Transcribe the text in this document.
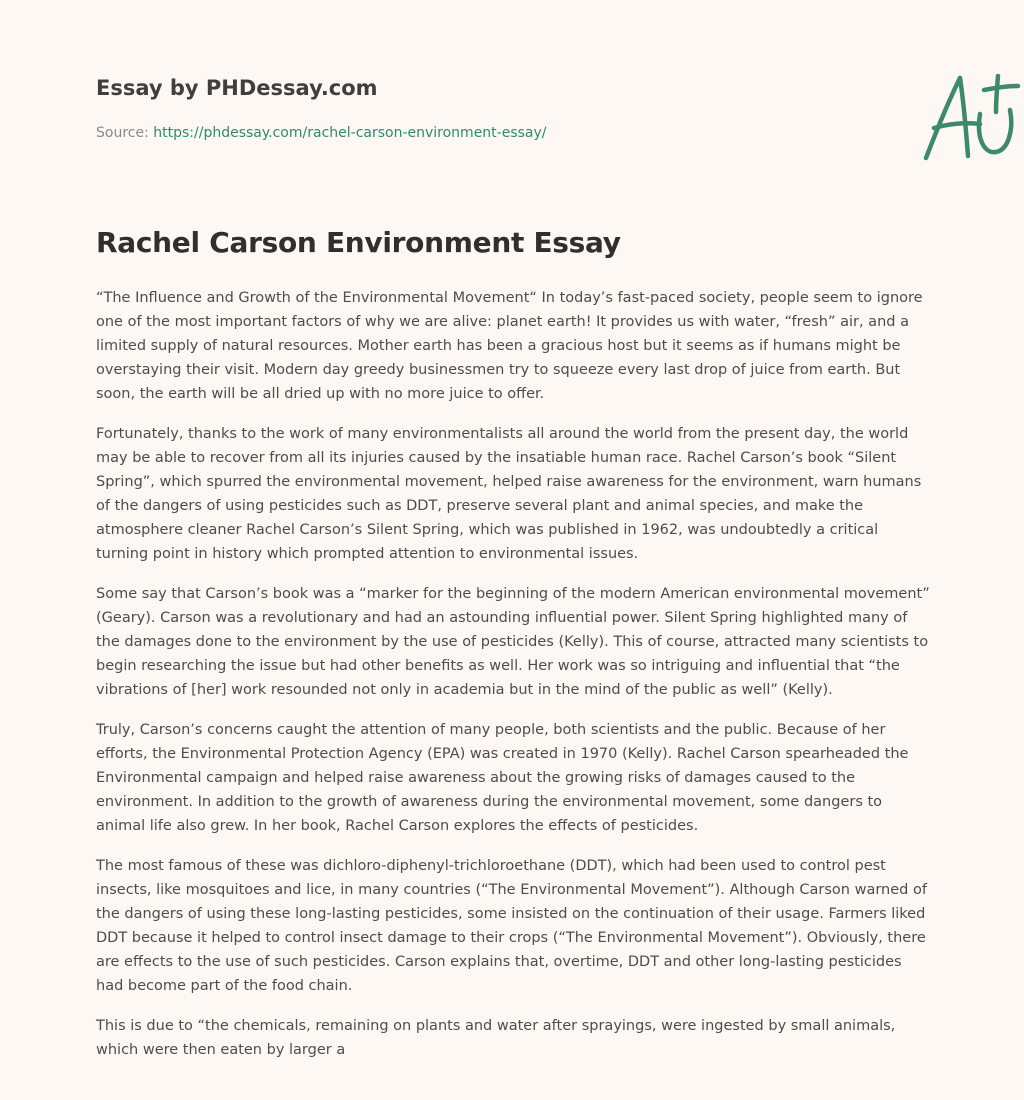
Essay by PHDessay.com
Source: https://phdessay.com/rachel-carson-environment-essay/
Rachel Carson Environment Essay

“The Influence and Growth of the Environmental Movement“ In today’s fast-paced society, people seem to ignore one of the most important factors of why we are alive: planet earth! It provides us with water, “fresh” air, and a limited supply of natural resources. Mother earth has been a gracious host but it seems as if humans might be overstaying their visit. Modern day greedy businessmen try to squeeze every last drop of juice from earth. But soon, the earth will be all dried up with no more juice to offer.

Fortunately, thanks to the work of many environmentalists all around the world from the present day, the world may be able to recover from all its injuries caused by the insatiable human race. Rachel Carson’s book “Silent Spring”, which spurred the environmental movement, helped raise awareness for the environment, warn humans of the dangers of using pesticides such as DDT, preserve several plant and animal species, and make the atmosphere cleaner Rachel Carson’s Silent Spring, which was published in 1962, was undoubtedly a critical turning point in history which prompted attention to environmental issues.

Some say that Carson’s book was a “marker for the beginning of the modern American environmental movement” (Geary). Carson was a revolutionary and had an astounding influential power. Silent Spring highlighted many of the damages done to the environment by the use of pesticides (Kelly). This of course, attracted many scientists to begin researching the issue but had other benefits as well. Her work was so intriguing and influential that “the vibrations of [her] work resounded not only in academia but in the mind of the public as well” (Kelly).

Truly, Carson’s concerns caught the attention of many people, both scientists and the public. Because of her efforts, the Environmental Protection Agency (EPA) was created in 1970 (Kelly). Rachel Carson spearheaded the Environmental campaign and helped raise awareness about the growing risks of damages caused to the environment. In addition to the growth of awareness during the environmental movement, some dangers to animal life also grew. In her book, Rachel Carson explores the effects of pesticides.

The most famous of these was dichloro-diphenyl-trichloroethane (DDT), which had been used to control pest insects, like mosquitoes and lice, in many countries (“The Environmental Movement”). Although Carson warned of the dangers of using these long-lasting pesticides, some insisted on the continuation of their usage. Farmers liked DDT because it helped to control insect damage to their crops (“The Environmental Movement”). Obviously, there are effects to the use of such pesticides. Carson explains that, overtime, DDT and other long-lasting pesticides had become part of the food chain.

This is due to “the chemicals, remaining on plants and water after sprayings, were ingested by small animals, which were then eaten by larger a
